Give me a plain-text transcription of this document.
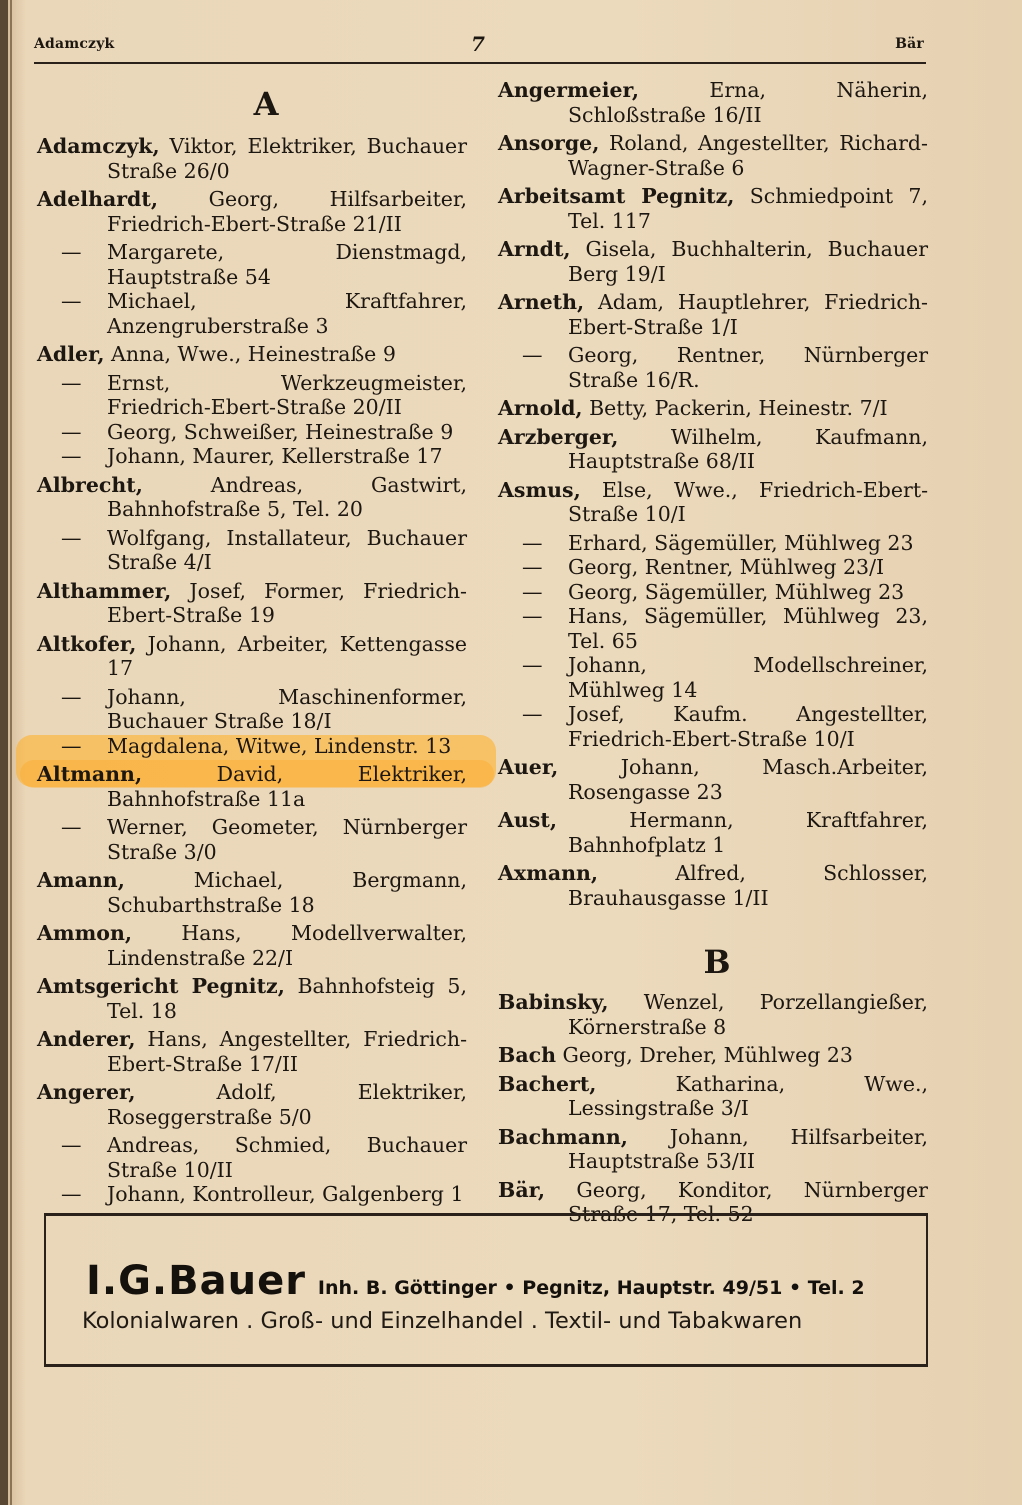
Adamczyk	7	Bär
A
Adamczyk, Viktor, Elektriker, Buchauer Straße 26/0
Adelhardt, Georg, Hilfsarbeiter, Friedrich-Ebert-Straße 21/II
— Margarete, Dienstmagd, Hauptstraße 54
— Michael, Kraftfahrer, Anzengruberstraße 3
Adler, Anna, Wwe., Heinestraße 9
— Ernst, Werkzeugmeister, Friedrich-Ebert-Straße 20/II
— Georg, Schweißer, Heinestraße 9
— Johann, Maurer, Kellerstraße 17
Albrecht, Andreas, Gastwirt, Bahnhofstraße 5, Tel. 20
— Wolfgang, Installateur, Buchauer Straße 4/I
Althammer, Josef, Former, Friedrich-Ebert-Straße 19
Altkofer, Johann, Arbeiter, Kettengasse 17
— Johann, Maschinenformer, Buchauer Straße 18/I
— Magdalena, Witwe, Lindenstr. 13
Altmann, David, Elektriker, Bahnhofstraße 11a
— Werner, Geometer, Nürnberger Straße 3/0
Amann, Michael, Bergmann, Schubarthstraße 18
Ammon, Hans, Modellverwalter, Lindenstraße 22/I
Amtsgericht Pegnitz, Bahnhofsteig 5, Tel. 18
Anderer, Hans, Angestellter, Friedrich-Ebert-Straße 17/II
Angerer, Adolf, Elektriker, Roseggerstraße 5/0
— Andreas, Schmied, Buchauer Straße 10/II
— Johann, Kontrolleur, Galgenberg 1
Angermeier, Erna, Näherin, Schloßstraße 16/II
Ansorge, Roland, Angestellter, Richard-Wagner-Straße 6
Arbeitsamt Pegnitz, Schmiedpoint 7, Tel. 117
Arndt, Gisela, Buchhalterin, Buchauer Berg 19/I
Arneth, Adam, Hauptlehrer, Friedrich-Ebert-Straße 1/I
— Georg, Rentner, Nürnberger Straße 16/R.
Arnold, Betty, Packerin, Heinestr. 7/I
Arzberger, Wilhelm, Kaufmann, Hauptstraße 68/II
Asmus, Else, Wwe., Friedrich-Ebert-Straße 10/I
— Erhard, Sägemüller, Mühlweg 23
— Georg, Rentner, Mühlweg 23/I
— Georg, Sägemüller, Mühlweg 23
— Hans, Sägemüller, Mühlweg 23, Tel. 65
— Johann, Modellschreiner, Mühlweg 14
— Josef, Kaufm. Angestellter, Friedrich-Ebert-Straße 10/I
Auer, Johann, Masch.Arbeiter, Rosengasse 23
Aust, Hermann, Kraftfahrer, Bahnhofplatz 1
Axmann, Alfred, Schlosser, Brauhausgasse 1/II
B
Babinsky, Wenzel, Porzellangießer, Körnerstraße 8
Bach Georg, Dreher, Mühlweg 23
Bachert, Katharina, Wwe., Lessingstraße 3/I
Bachmann, Johann, Hilfsarbeiter, Hauptstraße 53/II
Bär, Georg, Konditor, Nürnberger Straße 17, Tel. 52
I.G.Bauer Inh. B. Göttinger • Pegnitz, Hauptstr. 49/51 • Tel. 2
Kolonialwaren . Groß- und Einzelhandel . Textil- und Tabakwaren
